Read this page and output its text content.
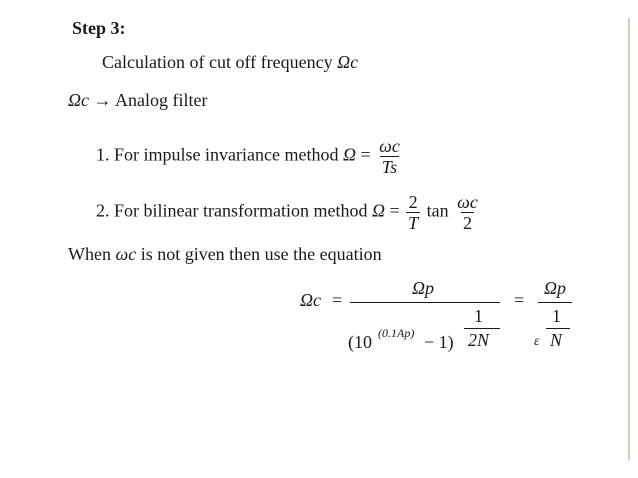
Step 3:
Calculation of cut off frequency Ωc
Ωc → Analog filter
1. For impulse invariance method $\Omega = \frac{\omega c}{Ts}$
2. For bilinear transformation method $\Omega = \frac{2}{T}$ $\tan \frac{\omega c}{2}$
When ωc is not given then use the equation
Ωc =
Ωp
1
(10 (0.1Ap) − 1) 2N
=
Ωp
1
ε N
